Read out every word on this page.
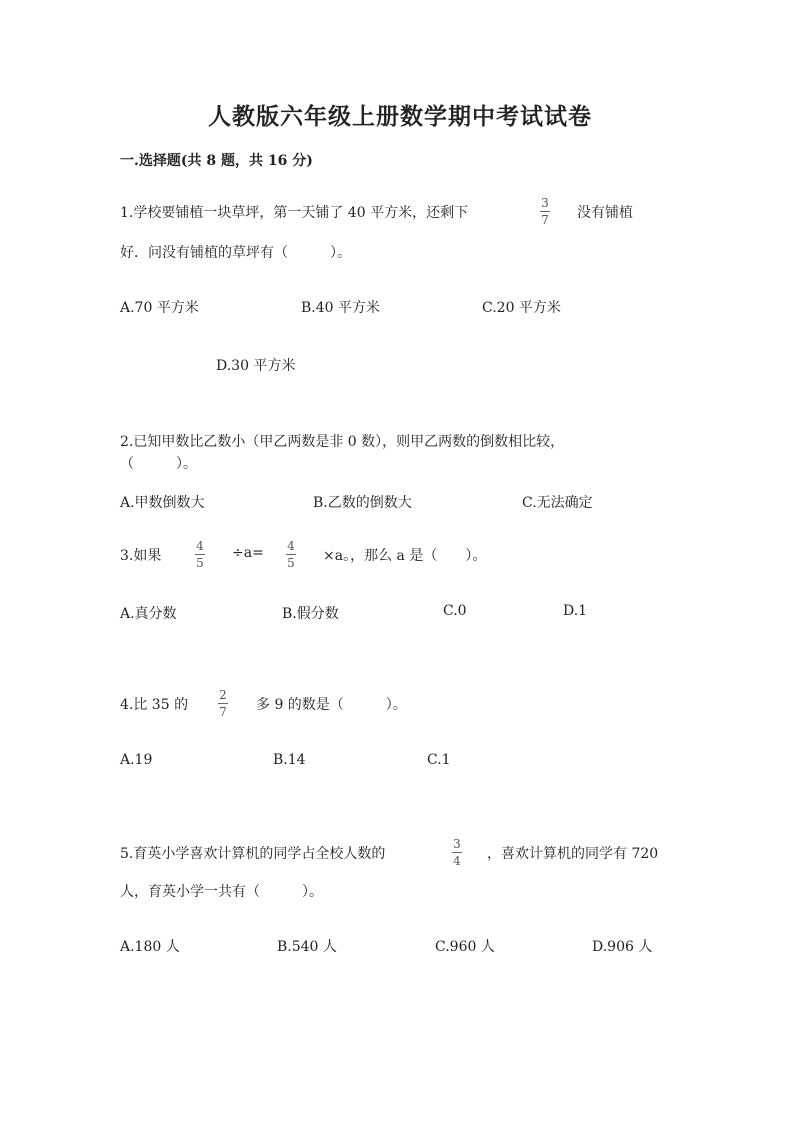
人教版六年级上册数学期中考试试卷
一.选择题(共 8 题，共 16 分)
1.学校要铺植一块草坪，第一天铺了 40 平方米，还剩下
3
7 没有铺植
好．问没有铺植的草坪有（　　　）。
A.70 平方米	B.40 平方米	C.20 平方米
D.30 平方米
2.已知甲数比乙数小（甲乙两数是非 0 数），则甲乙两数的倒数相比较，
（　　　）。
A.甲数倒数大	B.乙数的倒数大	C.无法确定
3.如果
4
5
÷a= 4
5 ×a。，那么 a 是（　　）。
A.真分数	B.假分数	C.0	D.1
4.比 35 的
2
7 多 9 的数是（　　　）。
A.19	B.14	C.1
5.育英小学喜欢计算机的同学占全校人数的
3
4 ，喜欢计算机的同学有 720
人，育英小学一共有（　　　）。
A.180 人	B.540 人	C.960 人	D.906 人
